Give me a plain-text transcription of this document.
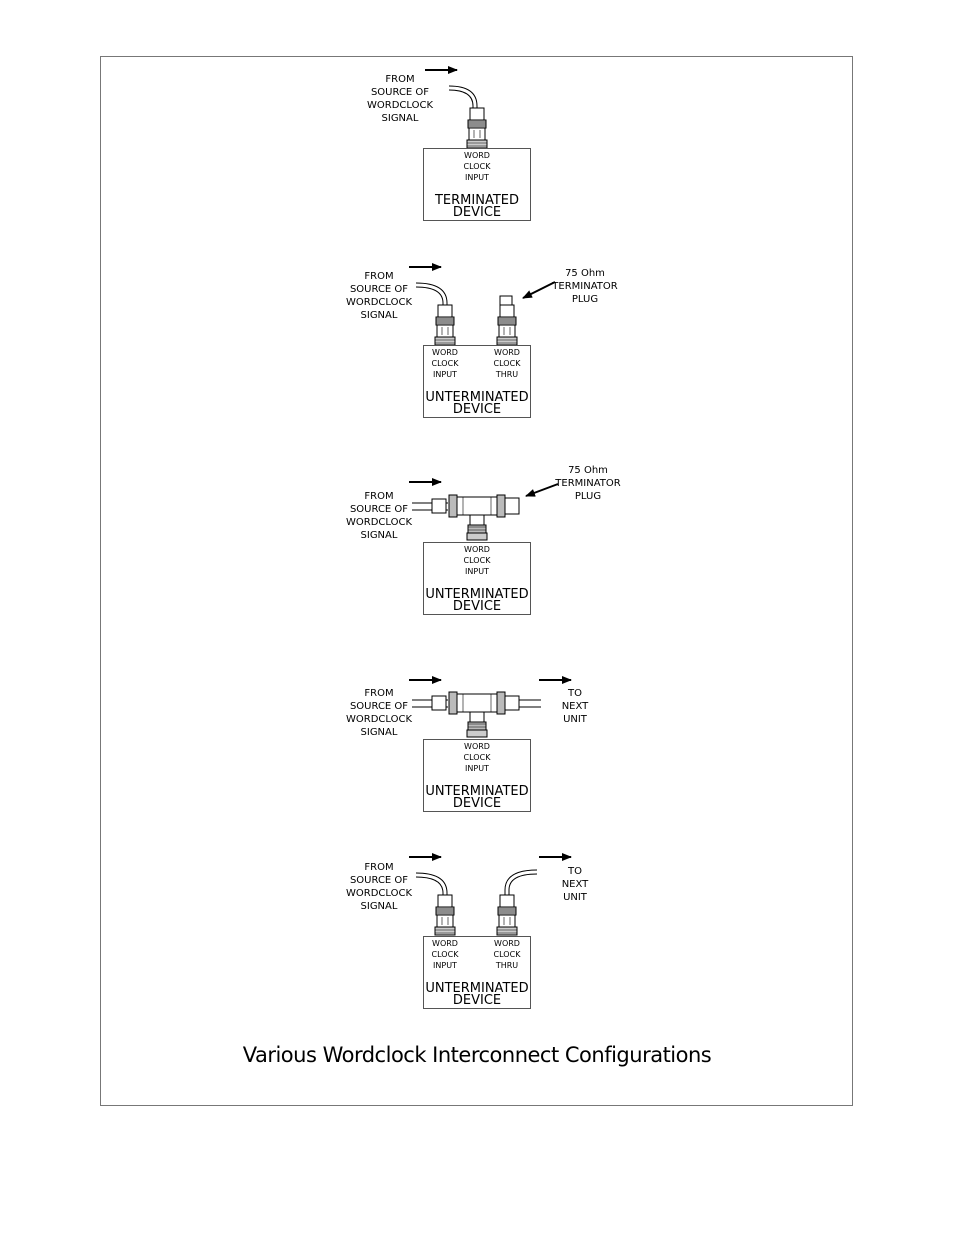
FROM
SOURCE OF
WORDCLOCK
SIGNAL
WORD
CLOCK
INPUT
TERMINATED
DEVICE
FROM
SOURCE OF
WORDCLOCK
SIGNAL
75 Ohm
TERMINATOR
PLUG
WORD
CLOCK
INPUT
WORD
CLOCK
THRU
UNTERMINATED
DEVICE
FROM
SOURCE OF
WORDCLOCK
SIGNAL
75 Ohm
TERMINATOR
PLUG
WORD
CLOCK
INPUT
UNTERMINATED
DEVICE
FROM
SOURCE OF
WORDCLOCK
SIGNAL
TO
NEXT
UNIT
WORD
CLOCK
INPUT
UNTERMINATED
DEVICE
FROM
SOURCE OF
WORDCLOCK
SIGNAL
TO
NEXT
UNIT
WORD
CLOCK
INPUT
WORD
CLOCK
THRU
UNTERMINATED
DEVICE
Various Wordclock Interconnect Configurations
